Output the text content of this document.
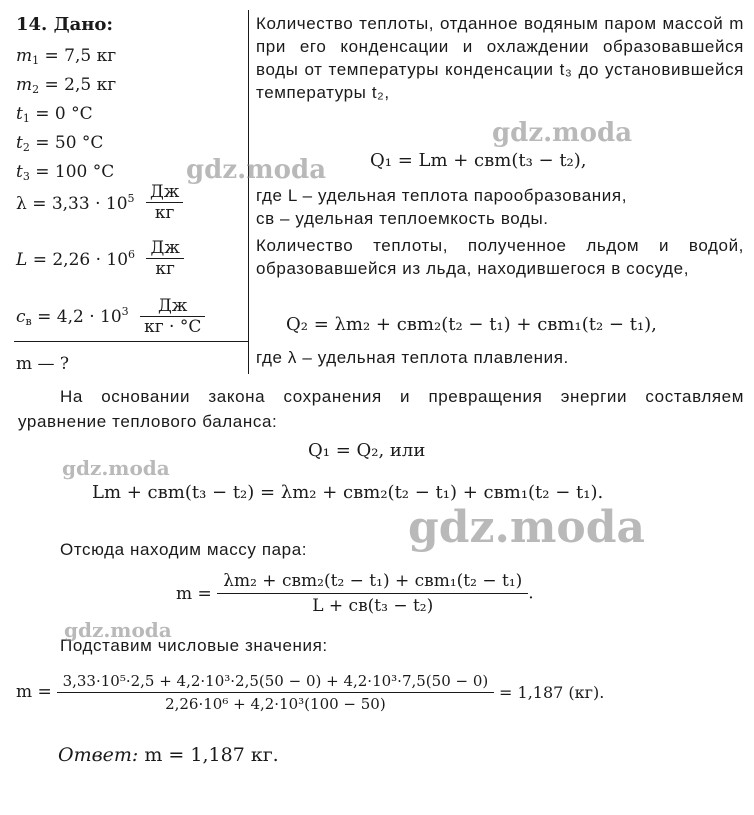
14. Дано:
$m_1 = 7,5$ кг
$m_2 = 2,5$ кг
$t_1 = 0$ °С
$t_2 = 50$ °С
$t_3 = 100$ °С
$\lambda = 3,33 \cdot 10^5 \frac{Дж}{кг}$
$L = 2,26 \cdot 10^6 \frac{Дж}{кг}$
$c_в = 4,2 \cdot 10^3 \frac{Дж}{кг \cdot ^\circ С}$
m — ?
Количество теплоты, отданное водяным паром массой m при его конденсации и охлаждении образовавшейся воды от температуры конденсации t₃ до установившейся температуры t₂,
Q₁ = Lm + cвm(t₃ − t₂),
где L – удельная теплота парообразования,
cв – удельная теплоемкость воды.
Количество теплоты, полученное льдом и водой, образовавшейся из льда, находившегося в сосуде,
Q₂ = λm₂ + cвm₂(t₂ − t₁) + cвm₁(t₂ − t₁),
где λ – удельная теплота плавления.
На основании закона сохранения и превращения энергии составляем уравнение теплового баланса:
Q₁ = Q₂, или
Lm + cвm(t₃ − t₂) = λm₂ + cвm₂(t₂ − t₁) + cвm₁(t₂ − t₁).
Отсюда находим массу пара:
m =
λm₂ + cвm₂(t₂ − t₁) + cвm₁(t₂ − t₁)
L + cв(t₃ − t₂)
.
Подставим числовые значения:
$m = \frac{\text{3,33·10⁵·2,5 + 4,2·10³·2,5(50 − 0) + 4,2·10³·7,5(50 − 0)}}{\text{2,26·10⁶ + 4,2·10³(100 − 50)}} = 1,187$ (кг).
Ответ: m = 1,187 кг.
gdz.moda
gdz.moda
gdz.moda
gdz.moda
gdz.moda
